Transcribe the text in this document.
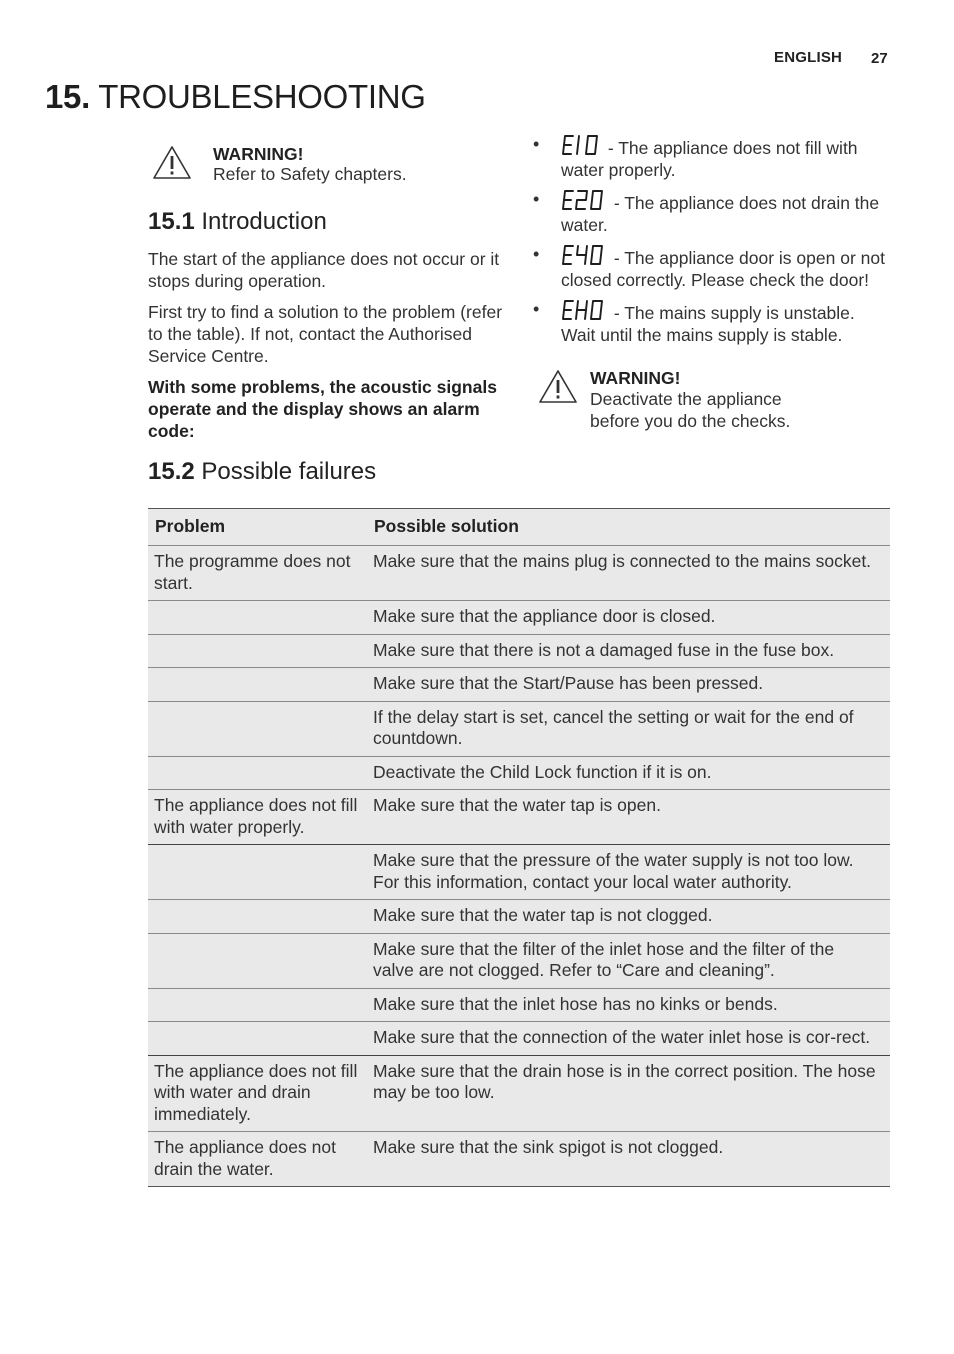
ENGLISH 27
15. TROUBLESHOOTING
WARNING!
Refer to Safety chapters.
15.1 Introduction

The start of the appliance does not occur or it stops during operation.

First try to find a solution to the problem (refer to the table). If not, contact the Authorised Service Centre.

With some problems, the acoustic signals operate and the display shows an alarm code:

•	- The appliance does not fill with water properly.
•	- The appliance does not drain the water.
•	- The appliance door is open or not closed correctly. Please check the door!
•	- The mains supply is unstable. Wait until the mains supply is stable.
WARNING!
Deactivate the appliance before you do the checks.
15.2 Possible failures
Problem	Possible solution
The programme does not start.	Make sure that the mains plug is connected to the mains socket.
	Make sure that the appliance door is closed.
	Make sure that there is not a damaged fuse in the fuse box.
	Make sure that the Start/Pause has been pressed.
	If the delay start is set, cancel the setting or wait for the end of countdown.
	Deactivate the Child Lock function if it is on.
The appliance does not fill with water properly.	Make sure that the water tap is open.
	Make sure that the pressure of the water supply is not too low. For this information, contact your local water authority.
	Make sure that the water tap is not clogged.
	Make sure that the filter of the inlet hose and the filter of the valve are not clogged. Refer to “Care and cleaning”.
	Make sure that the inlet hose has no kinks or bends.
	Make sure that the connection of the water inlet hose is cor-rect.
The appliance does not fill with water and drain immediately.	Make sure that the drain hose is in the correct position. The hose may be too low.
The appliance does not drain the water.	Make sure that the sink spigot is not clogged.
